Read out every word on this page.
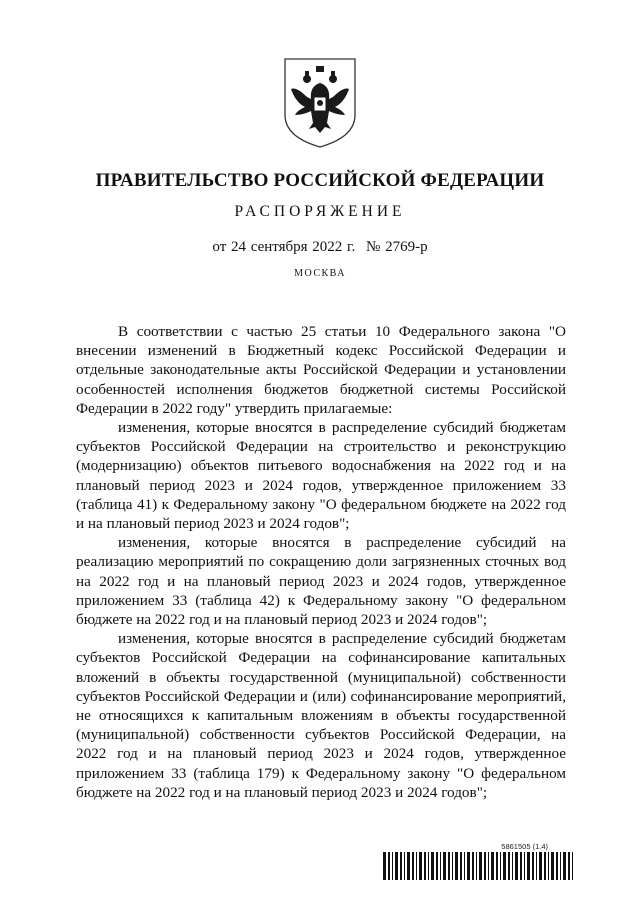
ПРАВИТЕЛЬСТВО РОССИЙСКОЙ ФЕДЕРАЦИИ
РАСПОРЯЖЕНИЕ
от 24 сентября 2022 г. № 2769-р
МОСКВА

В соответствии с частью 25 статьи 10 Федерального закона "О внесении изменений в Бюджетный кодекс Российской Федерации и отдельные законодательные акты Российской Федерации и установлении особенностей исполнения бюджетов бюджетной системы Российской Федерации в 2022 году" утвердить прилагаемые:

изменения, которые вносятся в распределение субсидий бюджетам субъектов Российской Федерации на строительство и реконструкцию (модернизацию) объектов питьевого водоснабжения на 2022 год и на плановый период 2023 и 2024 годов, утвержденное приложением 33 (таблица 41) к Федеральному закону "О федеральном бюджете на 2022 год и на плановый период 2023 и 2024 годов";

изменения, которые вносятся в распределение субсидий на реализацию мероприятий по сокращению доли загрязненных сточных вод на 2022 год и на плановый период 2023 и 2024 годов, утвержденное приложением 33 (таблица 42) к Федеральному закону "О федеральном бюджете на 2022 год и на плановый период 2023 и 2024 годов";

изменения, которые вносятся в распределение субсидий бюджетам субъектов Российской Федерации на софинансирование капитальных вложений в объекты государственной (муниципальной) собственности субъектов Российской Федерации и (или) софинансирование мероприятий, не относящихся к капитальным вложениям в объекты государственной (муниципальной) собственности субъектов Российской Федерации, на 2022 год и на плановый период 2023 и 2024 годов, утвержденное приложением 33 (таблица 179) к Федеральному закону "О федеральном бюджете на 2022 год и на плановый период 2023 и 2024 годов";

5861505 (1.4)
